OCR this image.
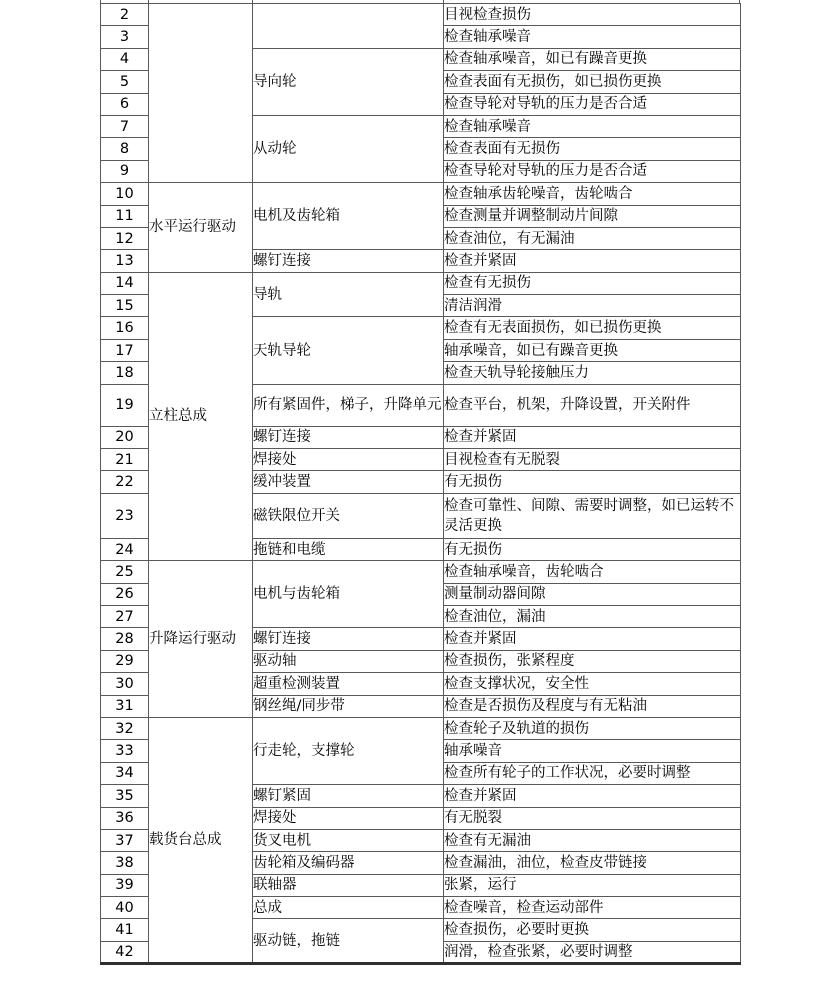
2			目视检查损伤
3			检查轴承噪音
4		导向轮	检查轴承噪音，如已有躁音更换
5			检查表面有无损伤，如已损伤更换
6			检查导轮对导轨的压力是否合适
7		从动轮	检查轴承噪音
8			检查表面有无损伤
9			检查导轮对导轨的压力是否合适
10	水平运行驱动	电机及齿轮箱	检查轴承齿轮噪音，齿轮啮合
11			检查测量并调整制动片间隙
12			检查油位，有无漏油
13		螺钉连接	检查并紧固
14	立柱总成	导轨	检查有无损伤
15			清洁润滑
16		天轨导轮	检查有无表面损伤，如已损伤更换
17			轴承噪音，如已有躁音更换
18			检查天轨导轮接触压力
19		所有紧固件，梯子，升降单元	检查平台，机架，升降设置，开关附件
20		螺钉连接	检查并紧固
21		焊接处	目视检查有无脱裂
22		缓冲装置	有无损伤
23		磁铁限位开关	检查可靠性、间隙、需要时调整，如已运转不灵活更换
24		拖链和电缆	有无损伤
25	升降运行驱动	电机与齿轮箱	检查轴承噪音，齿轮啮合
26			测量制动器间隙
27			检查油位，漏油
28		螺钉连接	检查并紧固
29		驱动轴	检查损伤，张紧程度
30		超重检测装置	检查支撑状况，安全性
31		钢丝绳/同步带	检查是否损伤及程度与有无粘油
32	载货台总成	行走轮，支撑轮	检查轮子及轨道的损伤
33			轴承噪音
34			检查所有轮子的工作状况，必要时调整
35		螺钉紧固	检查并紧固
36		焊接处	有无脱裂
37		货叉电机	检查有无漏油
38		齿轮箱及编码器	检查漏油，油位，检查皮带链接
39		联轴器	张紧，运行
40		总成	检查噪音，检查运动部件
41		驱动链，拖链	检查损伤，必要时更换
42			润滑，检查张紧，必要时调整
